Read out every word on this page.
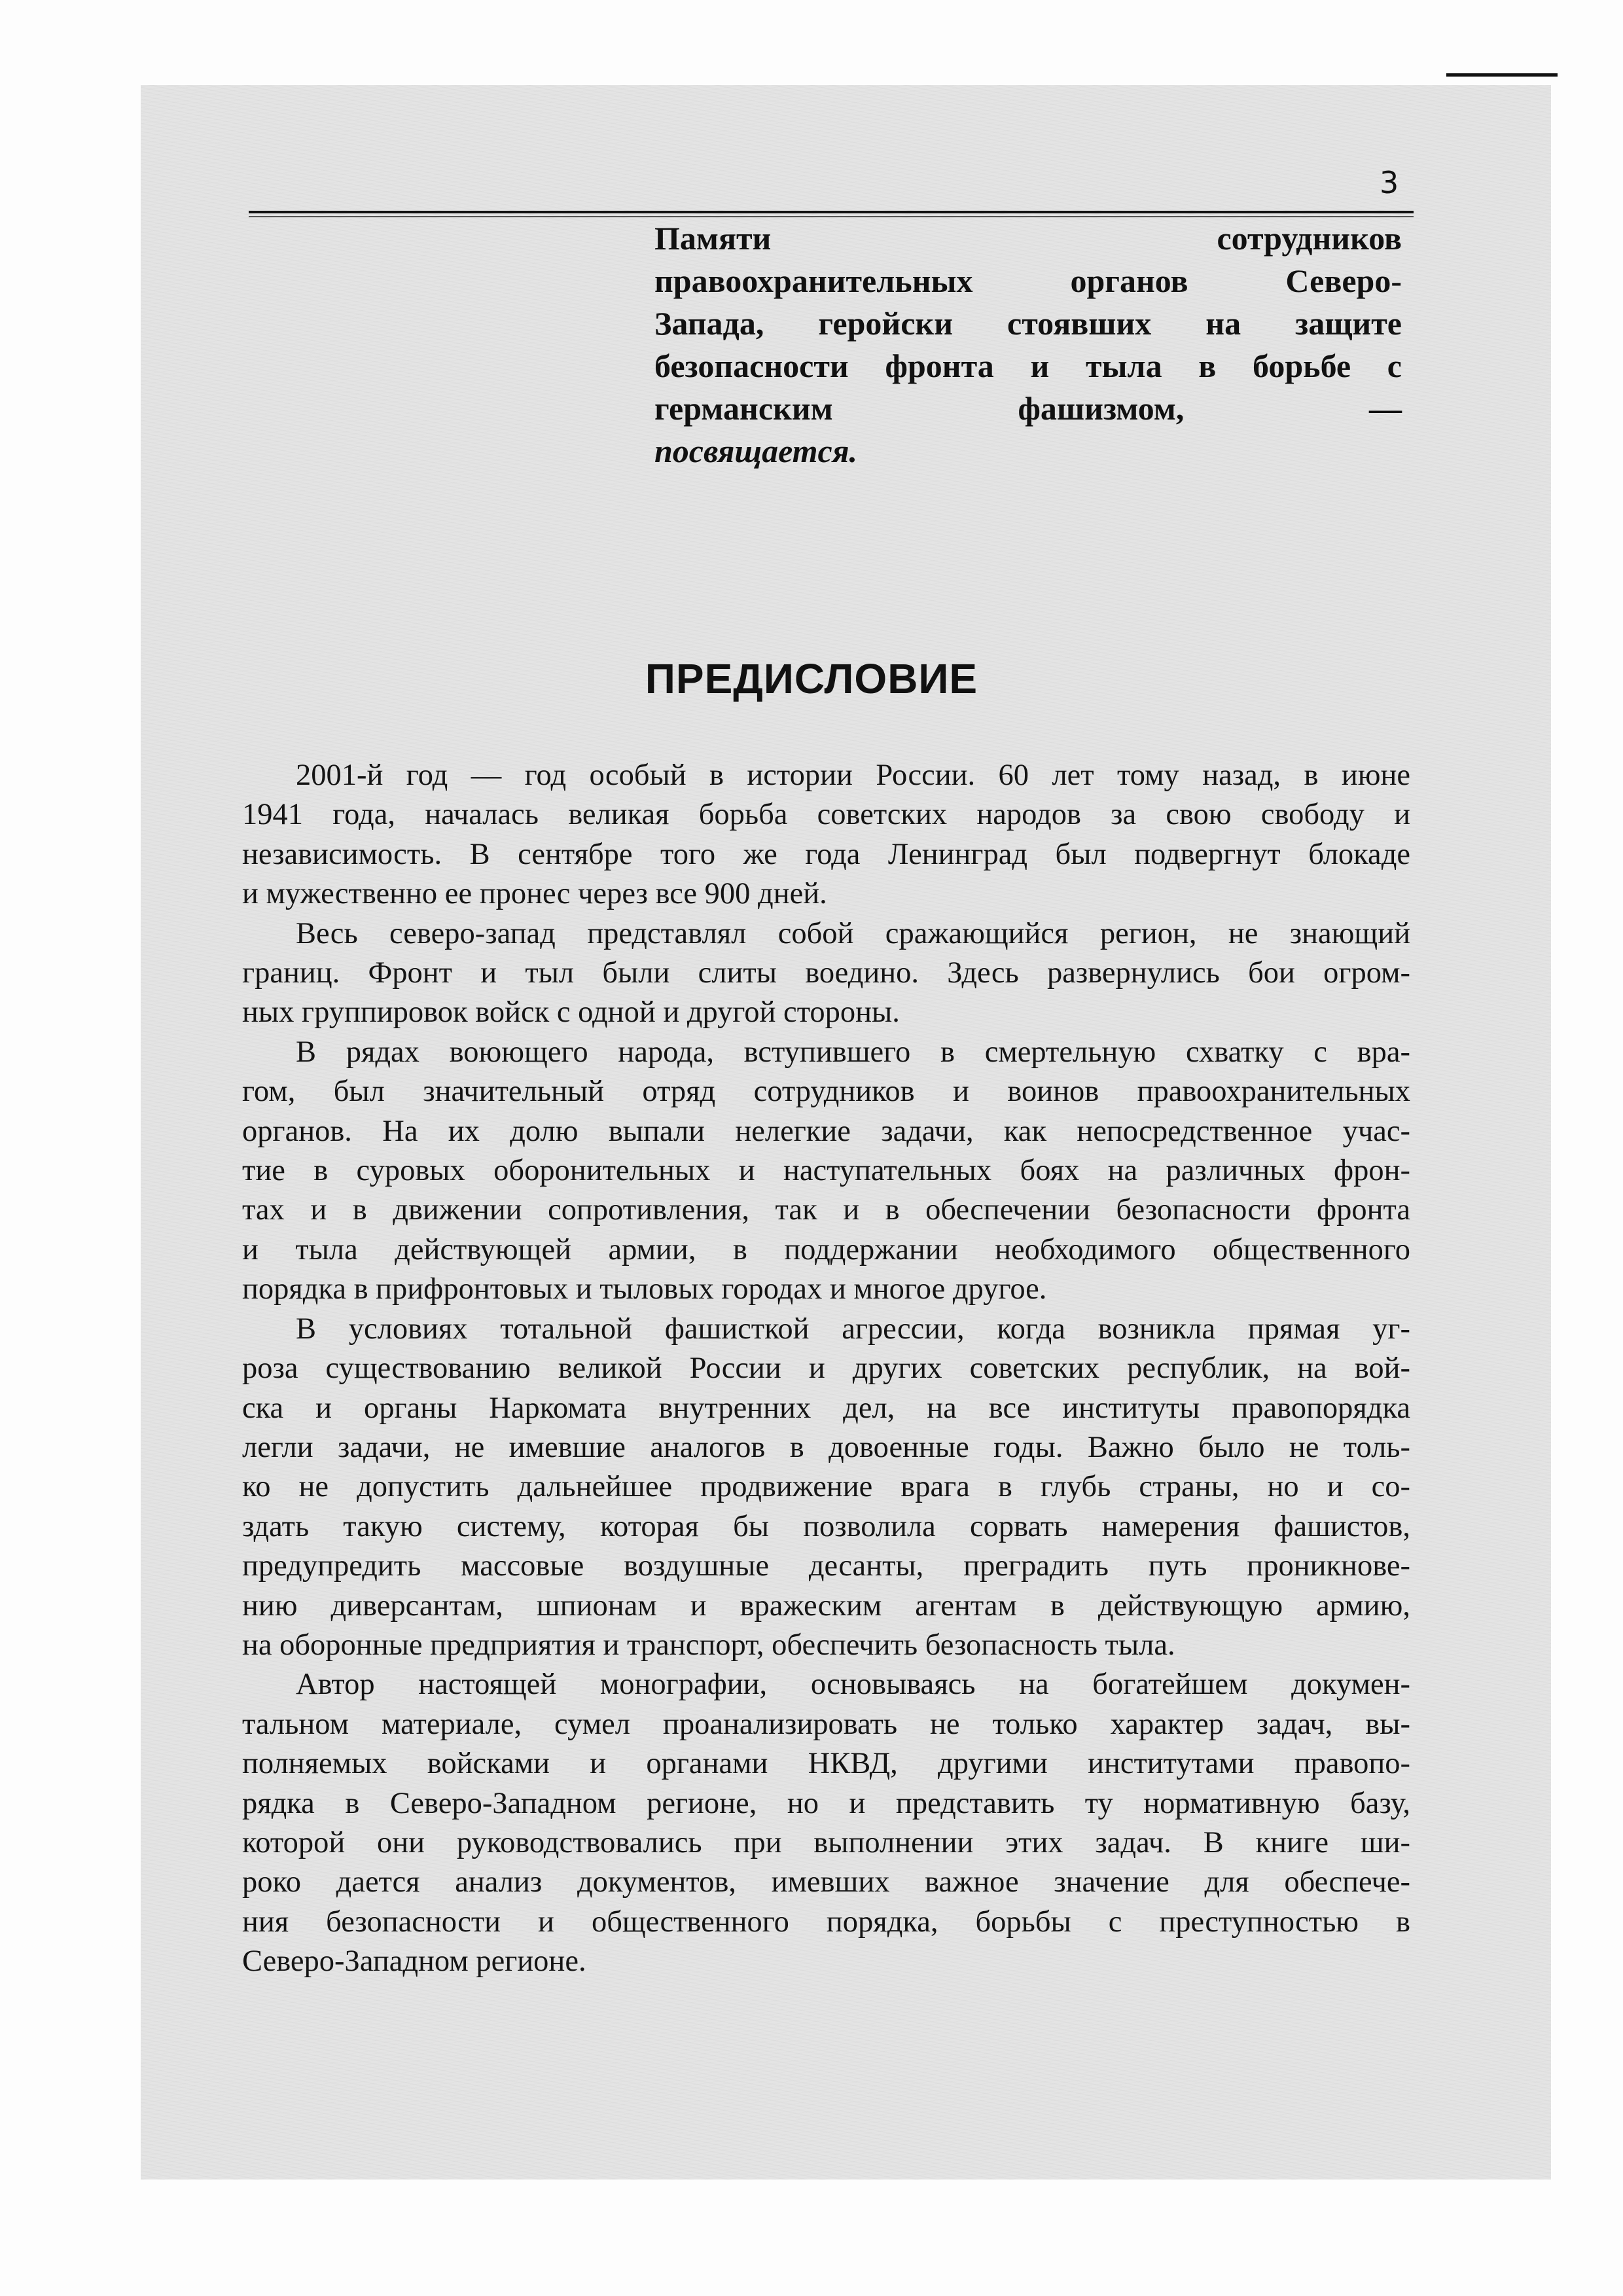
3
Памяти сотрудников
правоохранительных органов Северо-
Запада, геройски стоявших на защите
безопасности фронта и тыла в борьбе с
германским фашизмом, —
посвящается.
ПРЕДИСЛОВИЕ
2001-й год — год особый в истории России. 60 лет тому назад, в июне
1941 года, началась великая борьба советских народов за свою свободу и
независимость. В сентябре того же года Ленинград был подвергнут блокаде
и мужественно ее пронес через все 900 дней.
Весь северо-запад представлял собой сражающийся регион, не знающий
границ. Фронт и тыл были слиты воедино. Здесь развернулись бои огром-
ных группировок войск с одной и другой стороны.
В рядах воюющего народа, вступившего в смертельную схватку с вра-
гом, был значительный отряд сотрудников и воинов правоохранительных
органов. На их долю выпали нелегкие задачи, как непосредственное учас-
тие в суровых оборонительных и наступательных боях на различных фрон-
тах и в движении сопротивления, так и в обеспечении безопасности фронта
и тыла действующей армии, в поддержании необходимого общественного
порядка в прифронтовых и тыловых городах и многое другое.
В условиях тотальной фашисткой агрессии, когда возникла прямая уг-
роза существованию великой России и других советских республик, на вой-
ска и органы Наркомата внутренних дел, на все институты правопорядка
легли задачи, не имевшие аналогов в довоенные годы. Важно было не толь-
ко не допустить дальнейшее продвижение врага в глубь страны, но и со-
здать такую систему, которая бы позволила сорвать намерения фашистов,
предупредить массовые воздушные десанты, преградить путь проникнове-
нию диверсантам, шпионам и вражеским агентам в действующую армию,
на оборонные предприятия и транспорт, обеспечить безопасность тыла.
Автор настоящей монографии, основываясь на богатейшем докумен-
тальном материале, сумел проанализировать не только характер задач, вы-
полняемых войсками и органами НКВД, другими институтами правопо-
рядка в Северо-Западном регионе, но и представить ту нормативную базу,
которой они руководствовались при выполнении этих задач. В книге ши-
роко дается анализ документов, имевших важное значение для обеспече-
ния безопасности и общественного порядка, борьбы с преступностью в
Северо-Западном регионе.
